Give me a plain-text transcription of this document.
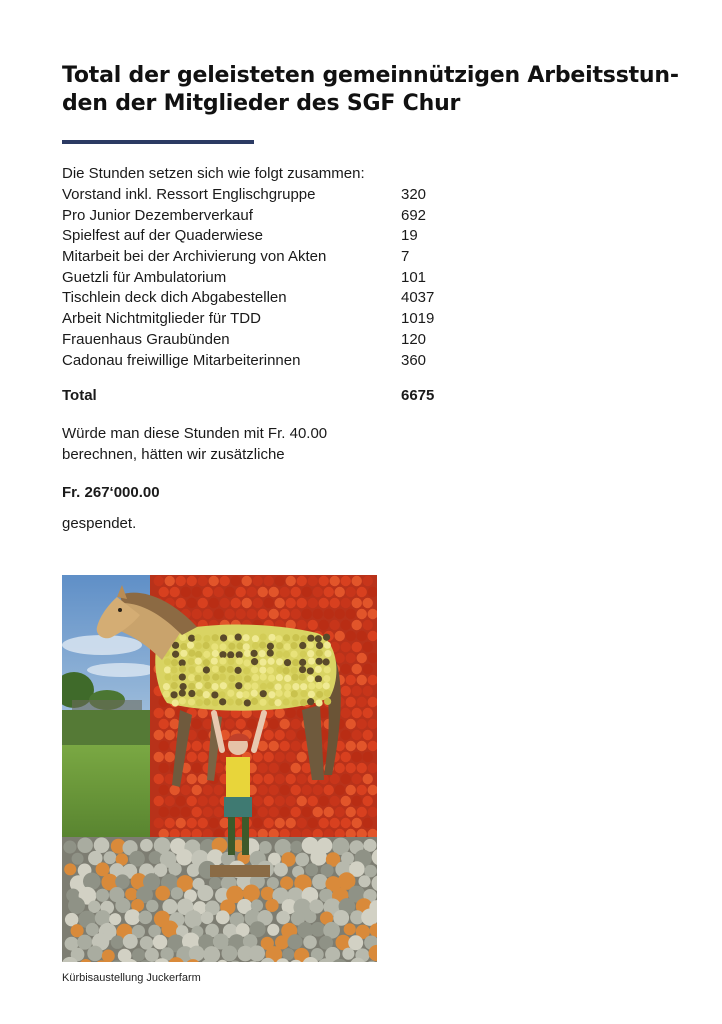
Total der geleisteten gemeinnützigen Arbeitsstun-
den der Mitglieder des SGF Chur

Die Stunden setzen sich wie folgt zusammen:

Vorstand inkl. Ressort Englischgruppe	320
Pro Junior Dezemberverkauf	692
Spielfest auf der Quaderwiese	19
Mitarbeit bei der Archivierung von Akten	7
Guetzli für Ambulatorium	101
Tischlein deck dich Abgabestellen	4037
Arbeit Nichtmitglieder für TDD	1019
Frauenhaus Graubünden	120
Cadonau freiwillige Mitarbeiterinnen	360
Total	6675

Würde man diese Stunden mit Fr. 40.00
berechnen, hätten wir zusätzliche

Fr. 267‘000.00

gespendet.

Kürbisaustellung Juckerfarm
